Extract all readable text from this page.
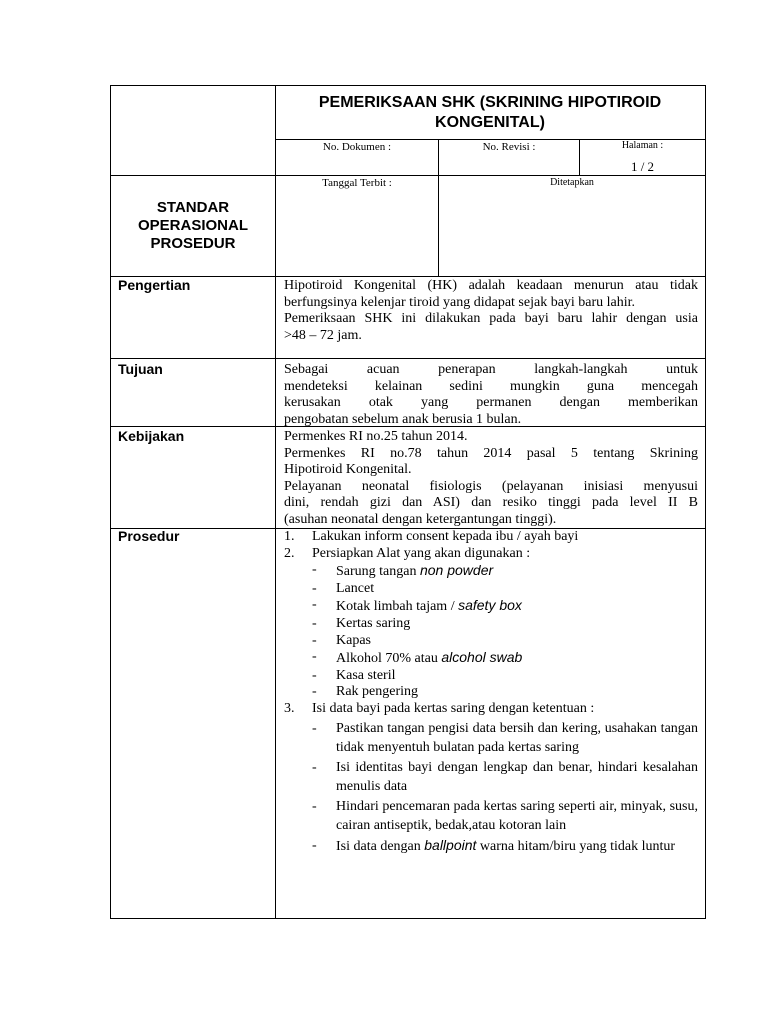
PEMERIKSAAN SHK (SKRINING HIPOTIROID
KONGENITAL)
No. Dokumen :	No. Revisi :	Halaman :
1 / 2
Tanggal Terbit :	Ditetapkan
STANDAR
OPERASIONAL
PROSEDUR
Pengertian	Hipotiroid Kongenital (HK) adalah keadaan menurun atau tidak
berfungsinya kelenjar tiroid yang didapat sejak bayi baru lahir.
Pemeriksaan SHK ini dilakukan pada bayi baru lahir dengan usia
>48 – 72 jam.
Tujuan	Sebagai acuan penerapan langkah-langkah untuk
mendeteksi kelainan sedini mungkin guna mencegah
kerusakan otak yang permanen dengan memberikan
pengobatan sebelum anak berusia 1 bulan.
Kebijakan	Permenkes RI no.25 tahun 2014.
Permenkes RI no.78 tahun 2014 pasal 5 tentang Skrining
Hipotiroid Kongenital.
Pelayanan neonatal fisiologis (pelayanan inisiasi menyusui
dini, rendah gizi dan ASI) dan resiko tinggi pada level II B
(asuhan neonatal dengan ketergantungan tinggi).
Prosedur	1. Lakukan inform consent kepada ibu / ayah bayi
2. Persiapkan Alat yang akan digunakan :
- Sarung tangan non powder
- Lancet
- Kotak limbah tajam / safety box
- Kertas saring
- Kapas
- Alkohol 70% atau alcohol swab
- Kasa steril
- Rak pengering
3. Isi data bayi pada kertas saring dengan ketentuan :
- Pastikan tangan pengisi data bersih dan kering, usahakan tangan tidak menyentuh bulatan pada kertas saring
- Isi identitas bayi dengan lengkap dan benar, hindari kesalahan menulis data
- Hindari pencemaran pada kertas saring seperti air, minyak, susu, cairan antiseptik, bedak,atau kotoran lain
- Isi data dengan ballpoint warna hitam/biru yang tidak luntur
